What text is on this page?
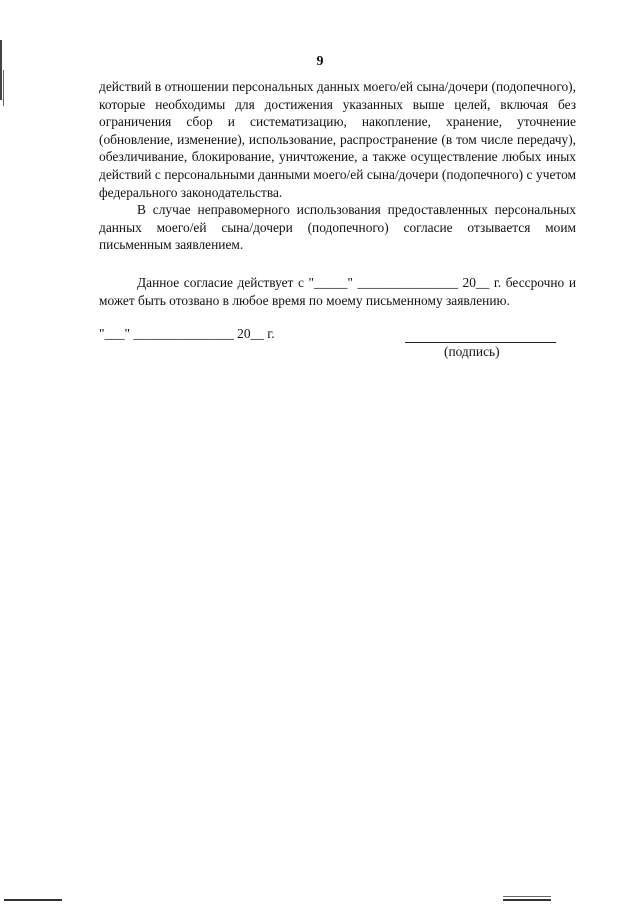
9

действий в отношении персональных данных моего/ей сына/дочери (подопечного), которые необходимы для достижения указанных выше целей, включая без ограничения сбор и систематизацию, накопление, хранение, уточнение (обновление, изменение), использование, распространение (в том числе передачу), обезличивание, блокирование, уничтожение, а также осуществление любых иных действий с персональными данными моего/ей сына/дочери (подопечного) с учетом федерального законодательства.

В случае неправомерного использования предоставленных персональных данных моего/ей сына/дочери (подопечного) согласие отзывается моим письменным заявлением.

Данное согласие действует с "_____" _______________ 20__ г. бессрочно и может быть отозвано в любое время по моему письменному заявлению.

"___" _______________ 20__ г.
(подпись)
